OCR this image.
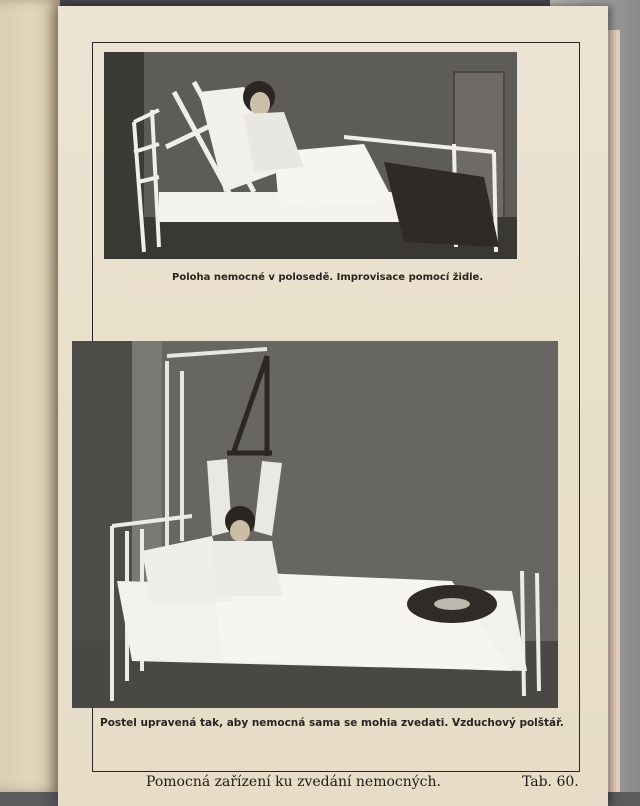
Poloha nemocné v polosedě. Improvisace pomocí židle.
Postel upravená tak, aby nemocná sama se mohia zvedati. Vzduchový polštář.
Pomocná zařízení ku zvedání nemocných.	Tab. 60.
